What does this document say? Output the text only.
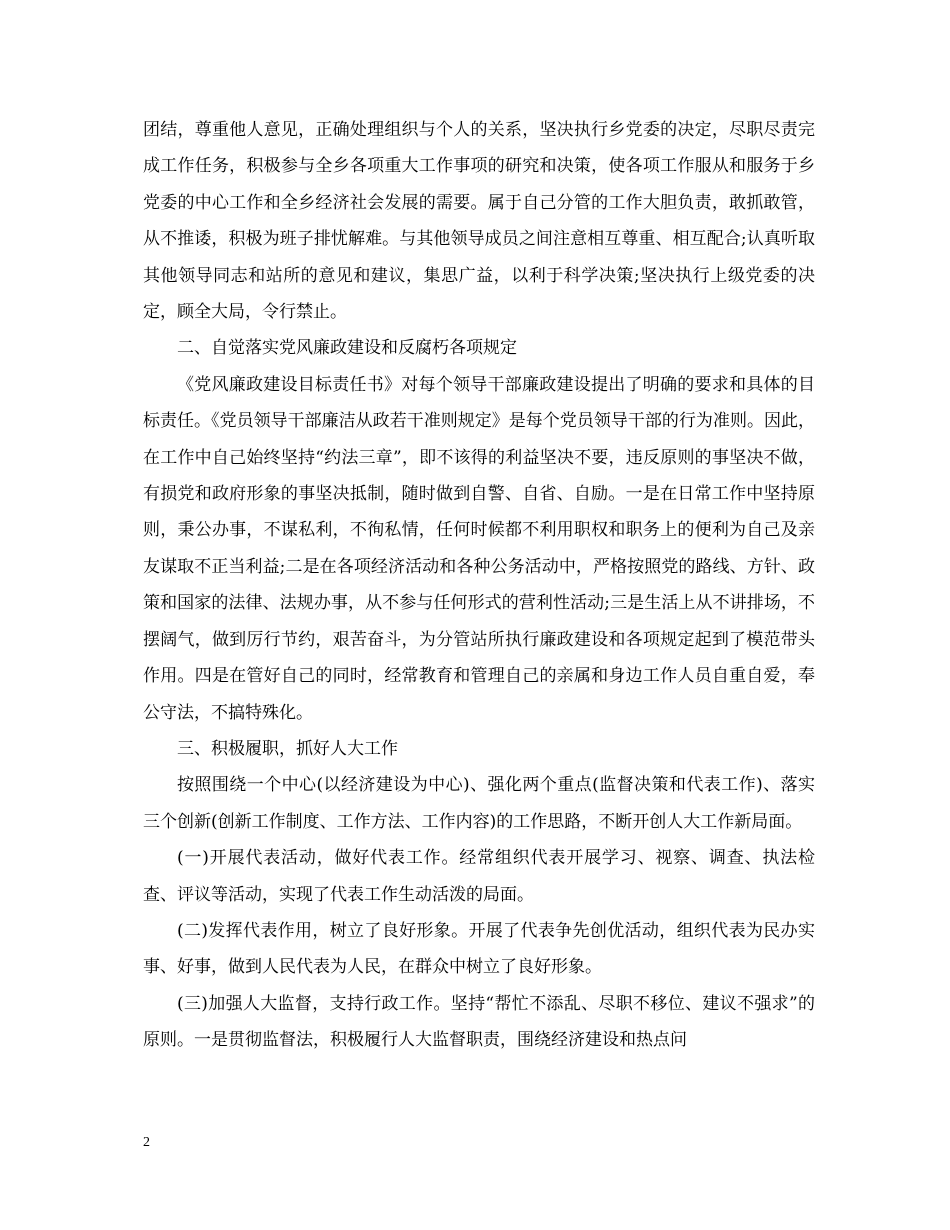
团结，尊重他人意见，正确处理组织与个人的关系，坚决执行乡党委的决定，尽职尽责完成工作任务，积极参与全乡各项重大工作事项的研究和决策，使各项工作服从和服务于乡党委的中心工作和全乡经济社会发展的需要。属于自己分管的工作大胆负责，敢抓敢管，从不推诿，积极为班子排忧解难。与其他领导成员之间注意相互尊重、相互配合;认真听取其他领导同志和站所的意见和建议，集思广益，以利于科学决策;坚决执行上级党委的决定，顾全大局，令行禁止。

二、自觉落实党风廉政建设和反腐朽各项规定

《党风廉政建设目标责任书》对每个领导干部廉政建设提出了明确的要求和具体的目标责任。《党员领导干部廉洁从政若干准则规定》是每个党员领导干部的行为准则。因此，在工作中自己始终坚持“约法三章”，即不该得的利益坚决不要，违反原则的事坚决不做，有损党和政府形象的事坚决抵制，随时做到自警、自省、自励。一是在日常工作中坚持原则，秉公办事，不谋私利，不徇私情，任何时候都不利用职权和职务上的便利为自己及亲友谋取不正当利益;二是在各项经济活动和各种公务活动中，严格按照党的路线、方针、政策和国家的法律、法规办事，从不参与任何形式的营利性活动;三是生活上从不讲排场，不摆阔气，做到厉行节约，艰苦奋斗，为分管站所执行廉政建设和各项规定起到了模范带头作用。四是在管好自己的同时，经常教育和管理自己的亲属和身边工作人员自重自爱，奉公守法，不搞特殊化。

三、积极履职，抓好人大工作

按照围绕一个中心(以经济建设为中心)、强化两个重点(监督决策和代表工作)、落实三个创新(创新工作制度、工作方法、工作内容)的工作思路，不断开创人大工作新局面。

(一)开展代表活动，做好代表工作。经常组织代表开展学习、视察、调查、执法检查、评议等活动，实现了代表工作生动活泼的局面。

(二)发挥代表作用，树立了良好形象。开展了代表争先创优活动，组织代表为民办实事、好事，做到人民代表为人民，在群众中树立了良好形象。

(三)加强人大监督，支持行政工作。坚持“帮忙不添乱、尽职不移位、建议不强求”的原则。一是贯彻监督法，积极履行人大监督职责，围绕经济建设和热点问

2
